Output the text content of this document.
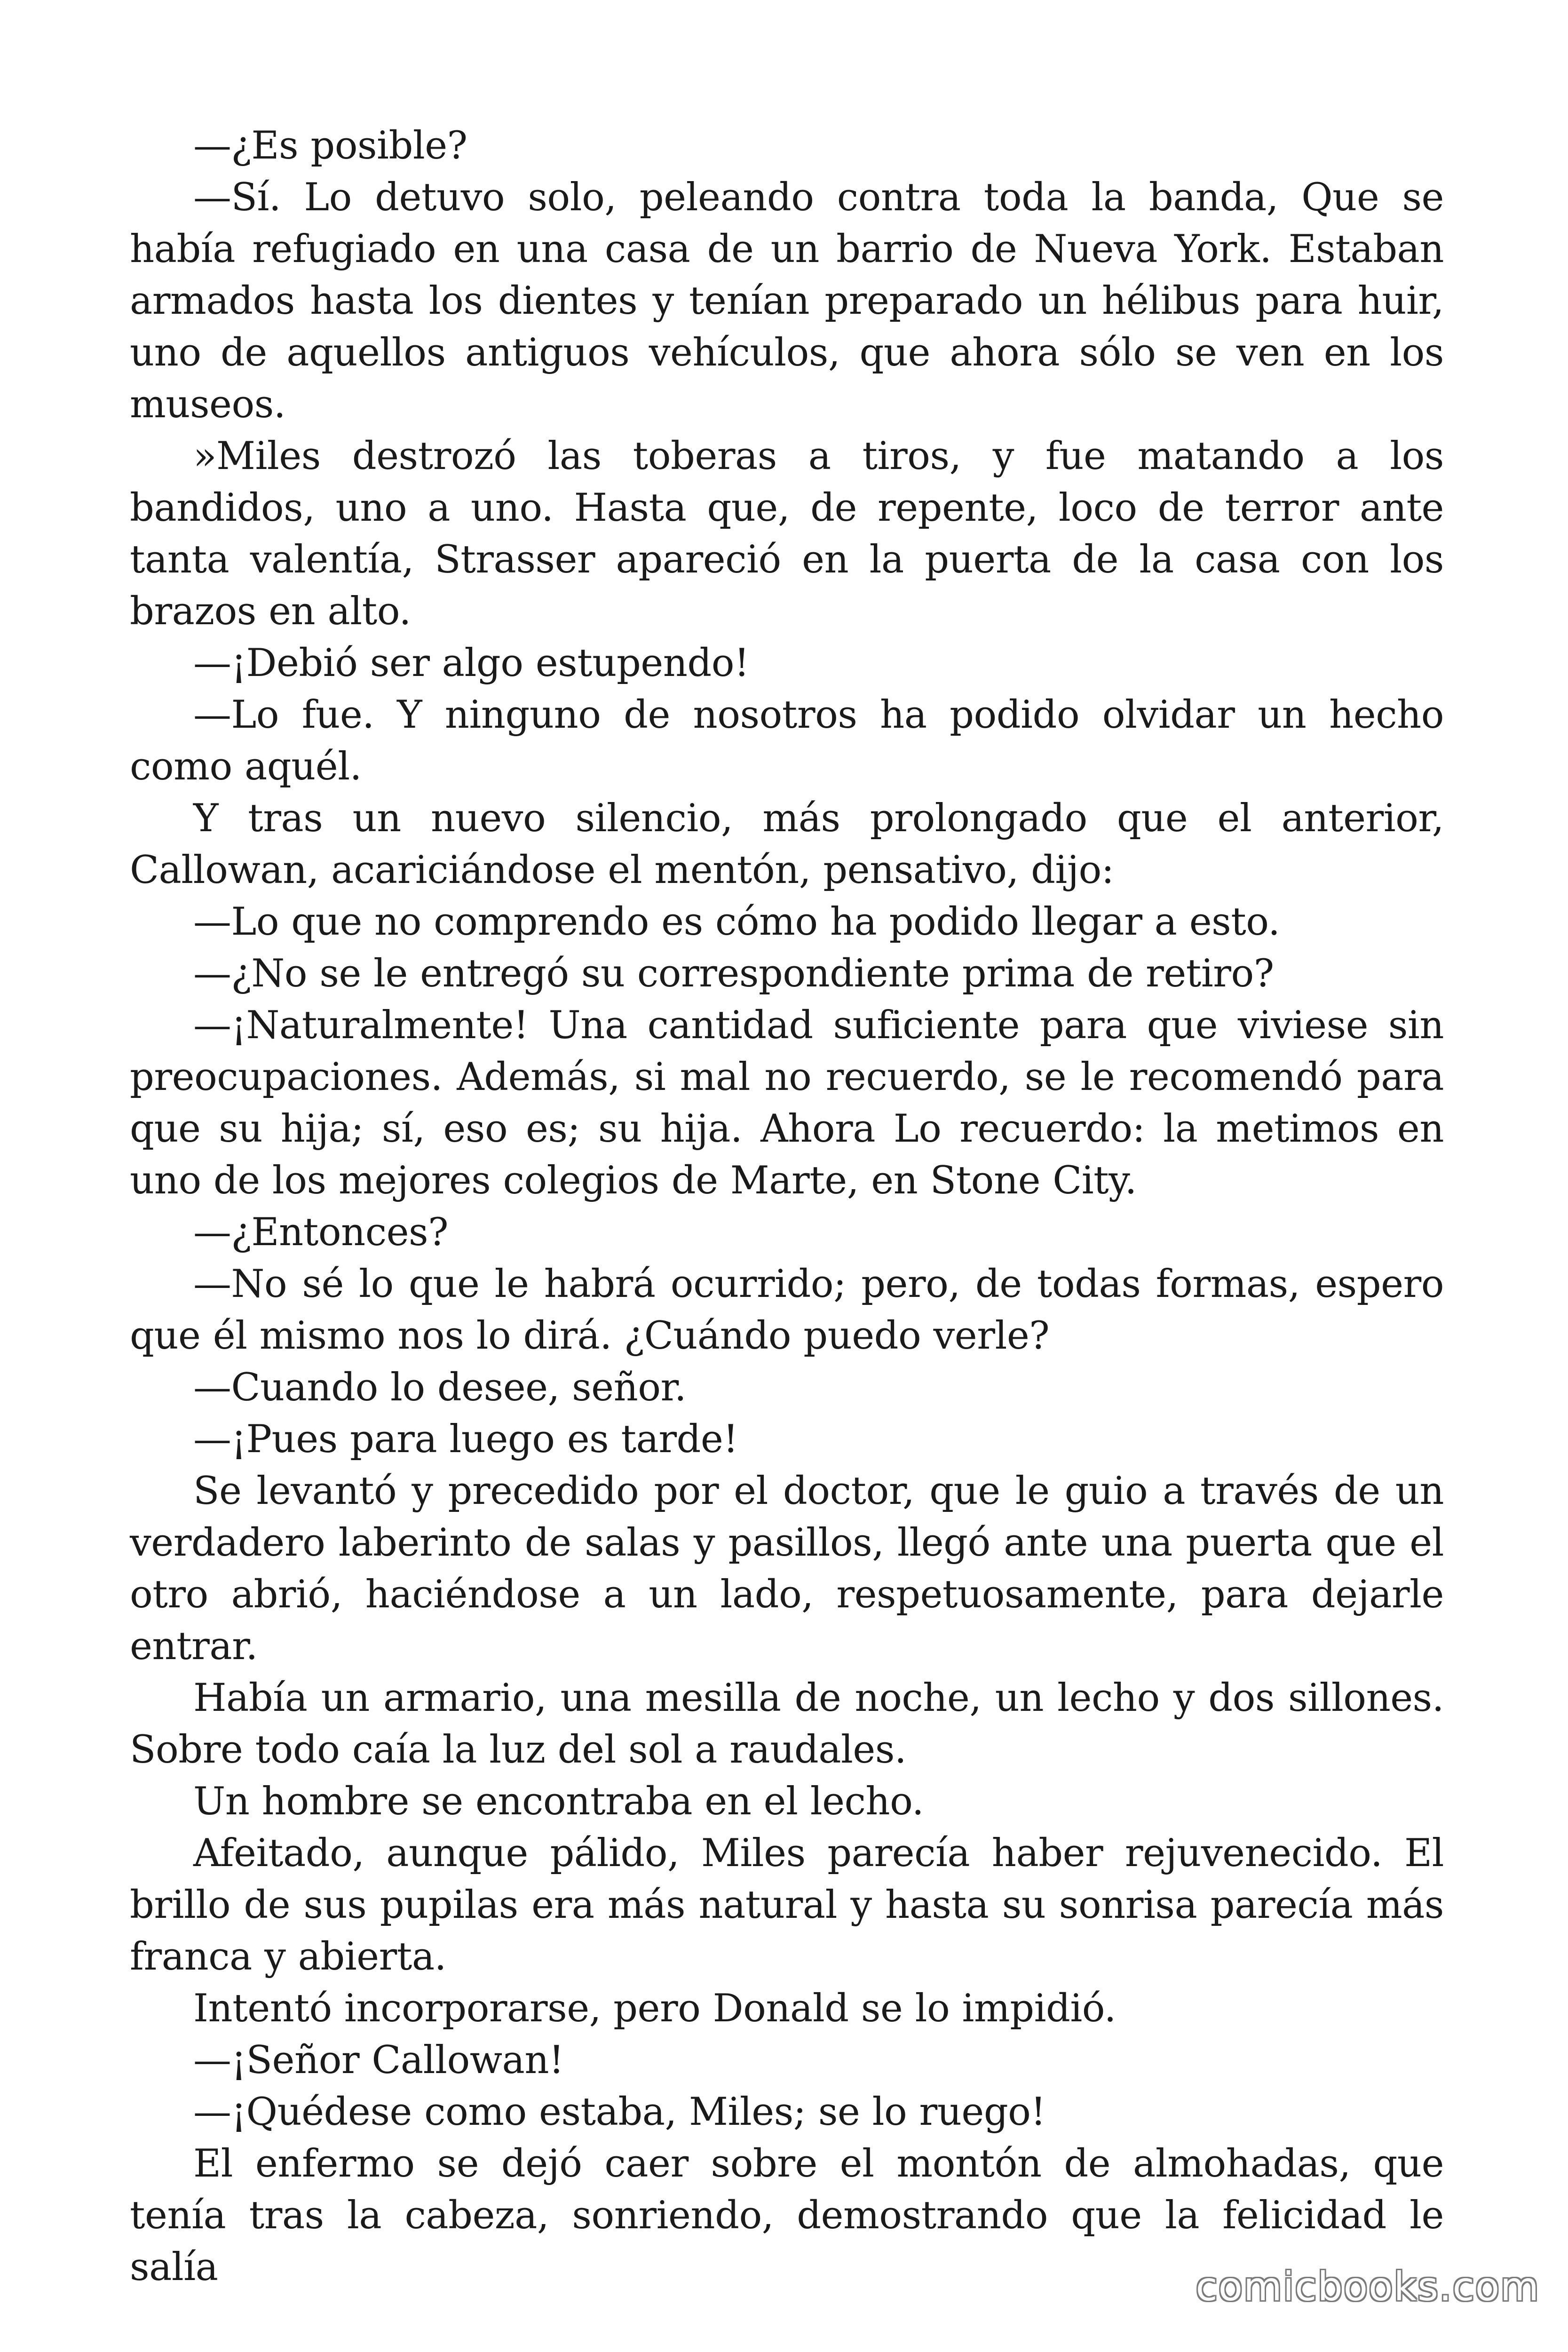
—¿Es posible?

—Sí. Lo detuvo solo, peleando contra toda la banda, Que se había refugiado en una casa de un barrio de Nueva York. Estaban armados hasta los dientes y tenían preparado un hélibus para huir, uno de aquellos antiguos vehículos, que ahora sólo se ven en los museos.

»Miles destrozó las toberas a tiros, y fue matando a los bandidos, uno a uno. Hasta que, de repente, loco de terror ante tanta valentía, Strasser apareció en la puerta de la casa con los brazos en alto.

—¡Debió ser algo estupendo!

—Lo fue. Y ninguno de nosotros ha podido olvidar un hecho como aquél.

Y tras un nuevo silencio, más prolongado que el anterior, Callowan, acariciándose el mentón, pensativo, dijo:

—Lo que no comprendo es cómo ha podido llegar a esto.

—¿No se le entregó su correspondiente prima de retiro?

—¡Naturalmente! Una cantidad suficiente para que viviese sin preocupaciones. Además, si mal no recuerdo, se le recomendó para que su hija; sí, eso es; su hija. Ahora Lo recuerdo: la metimos en uno de los mejores colegios de Marte, en Stone City.

—¿Entonces?

—No sé lo que le habrá ocurrido; pero, de todas formas, espero que él mismo nos lo dirá. ¿Cuándo puedo verle?

—Cuando lo desee, señor.

—¡Pues para luego es tarde!

Se levantó y precedido por el doctor, que le guio a través de un verdadero laberinto de salas y pasillos, llegó ante una puerta que el otro abrió, haciéndose a un lado, respetuosamente, para dejarle entrar.

Había un armario, una mesilla de noche, un lecho y dos sillones. Sobre todo caía la luz del sol a raudales.

Un hombre se encontraba en el lecho.

Afeitado, aunque pálido, Miles parecía haber rejuvenecido. El brillo de sus pupilas era más natural y hasta su sonrisa parecía más franca y abierta.

Intentó incorporarse, pero Donald se lo impidió.

—¡Señor Callowan!

—¡Quédese como estaba, Miles; se lo ruego!

El enfermo se dejó caer sobre el montón de almohadas, que tenía tras la cabeza, sonriendo, demostrando que la felicidad le salía	comicbooks.com
